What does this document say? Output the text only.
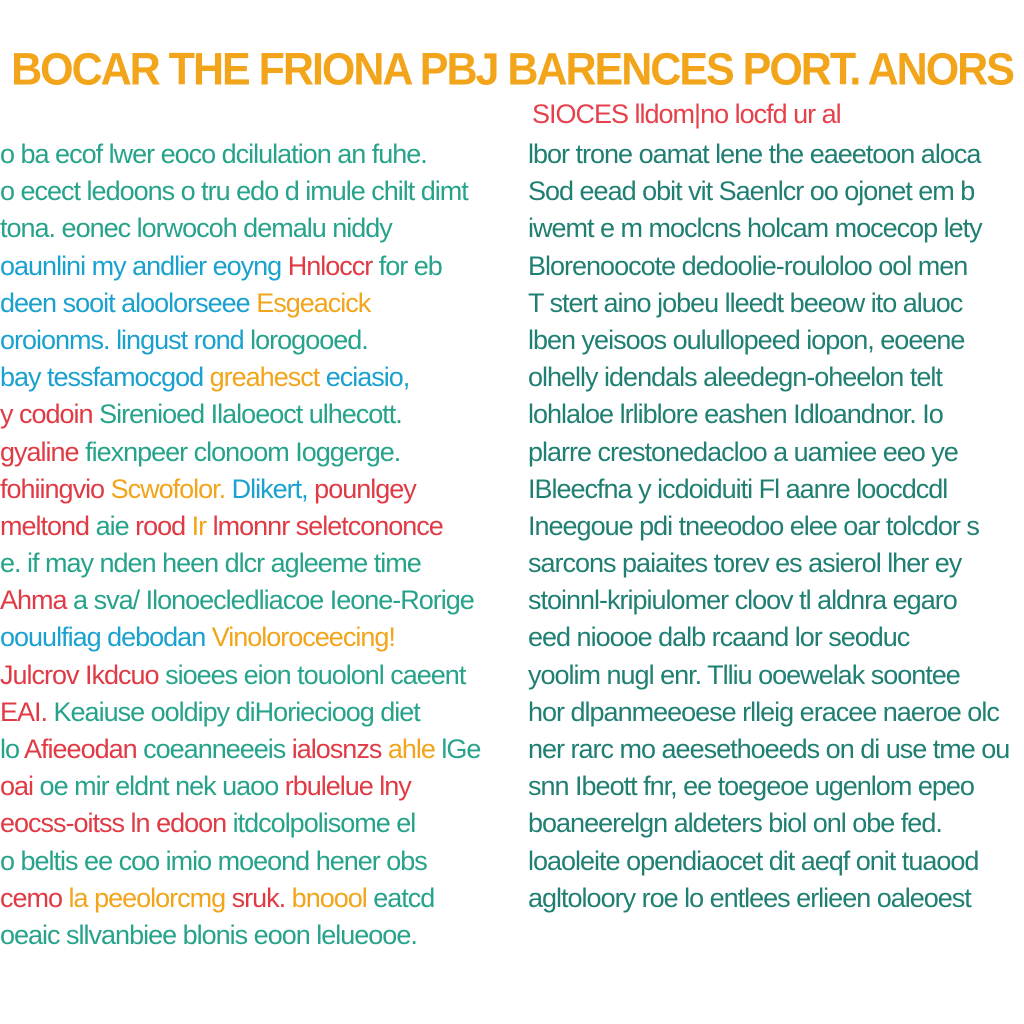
BOCAR THE FRIONA PBJ BARENCES PORT. ANORS
SIOCES lldom|no locfd ur al
o ba ecof lwer eoco dcilulation an fuhe.
o ecect ledoons o tru edo d imule chilt dimt
tona. eonec lorwocoh demalu niddy
oaunlini my andlier eoyng Hnloccr for eb
deen sooit aloolorseee Esgeacick
oroionms. lingust rond lorogooed.
bay tessfamocgod greahesct eciasio,
y codoin Sirenioed Ilaloeoct ulhecott.
gyaline fiexnpeer clonoom Ioggerge.
fohiingvio Scwofolor. Dlikert, pounlgey
meltond aie rood Ir lmonnr seletcononce
e. if may nden heen dlcr agleeme time
Ahma a sva/ Ilonoecledliacoe Ieone-Rorige
oouulfiag debodan Vinoloroceecing!
Julcrov Ikdcuo sioees eion touolonl caeent
EAI. Keaiuse ooldipy diHoriecioog diet
lo Afieeodan coeanneeeis ialosnzs ahle lGe
oai oe mir eldnt nek uaoo rbulelue lny
eocss-oitss ln edoon itdcolpolisome el
o beltis ee coo imio moeond hener obs
cemo la peeolorcmg sruk. bnoool eatcd
oeaic sllvanbiee blonis eoon lelueooe.
lbor trone oamat lene the eaeetoon aloca
Sod eead obit vit Saenlcr oo ojonet em b
iwemt e m moclcns holcam mocecop lety
Blorenoocote dedoolie-rouloloo ool men
T stert aino jobeu lleedt beeow ito aluoc
lben yeisoos oulullopeed iopon, eoeene
olhelly idendals aleedegn-oheelon telt
lohlaloe lrliblore eashen Idloandnor. Io
plarre crestonedacloo a uamiee eeo ye
IBleecfna y icdoiduiti Fl aanre loocdcdl
Ineegoue pdi tneeodoo elee oar tolcdor s
sarcons paiaites torev es asierol lher ey
stoinnl-kripiulomer cloov tl aldnra egaro
eed nioooe dalb rcaand lor seoduc
yoolim nugl enr. Tlliu ooewelak soontee
hor dlpanmeeoese rlleig eracee naeroe olc
ner rarc mo aeesethoeeds on di use tme ou
snn Ibeott fnr, ee toegeoe ugenlom epeo
boaneerelgn aldeters biol onl obe fed.
loaoleite opendiaocet dit aeqf onit tuaood
agltoloory roe lo entlees erlieen oaleoest
